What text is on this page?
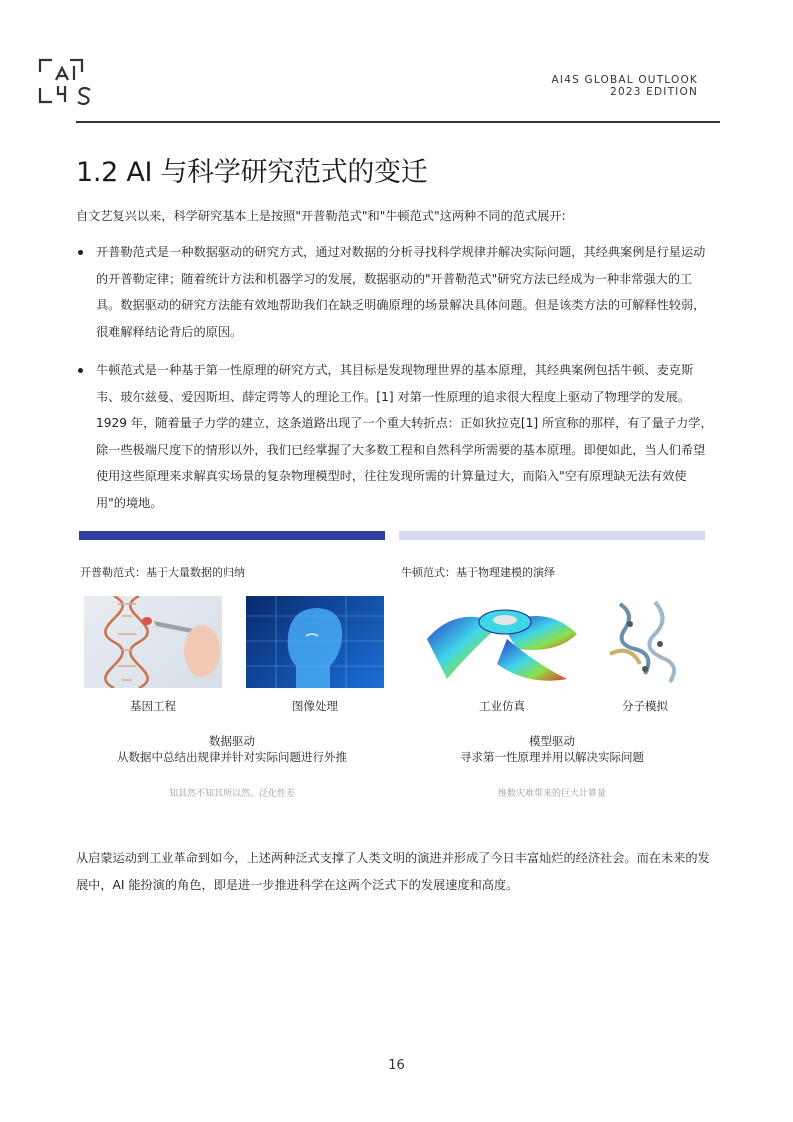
AI4S GLOBAL OUTLOOK
2023 EDITION
1.2 AI 与科学研究范式的变迁
自文艺复兴以来，科学研究基本上是按照"开普勒范式"和"牛顿范式"这两种不同的范式展开:
开普勒范式是一种数据驱动的研究方式，通过对数据的分析寻找科学规律并解决实际问题，其经典案例是行星运动的开普勒定律；随着统计方法和机器学习的发展，数据驱动的"开普勒范式"研究方法已经成为一种非常强大的工具。数据驱动的研究方法能有效地帮助我们在缺乏明确原理的场景解决具体问题。但是该类方法的可解释性较弱，很难解释结论背后的原因。
牛顿范式是一种基于第一性原理的研究方式，其目标是发现物理世界的基本原理，其经典案例包括牛顿、麦克斯韦、玻尔兹曼、爱因斯坦、薛定谔等人的理论工作。[1] 对第一性原理的追求很大程度上驱动了物理学的发展。1929 年，随着量子力学的建立，这条道路出现了一个重大转折点：正如狄拉克[1] 所宣称的那样，有了量子力学，除一些极端尺度下的情形以外，我们已经掌握了大多数工程和自然科学所需要的基本原理。即便如此，当人们希望使用这些原理来求解真实场景的复杂物理模型时，往往发现所需的计算量过大，而陷入"空有原理缺无法有效使用"的境地。
开普勒范式：基于大量数据的归纳	牛顿范式：基于物理建模的演绎
基因工程	图像处理	工业仿真	分子模拟
数据驱动
从数据中总结出规律并针对实际问题进行外推
模型驱动
寻求第一性原理并用以解决实际问题
知其然不知其所以然、泛化性差	维数灾难带来的巨大计算量
从启蒙运动到工业革命到如今，上述两种泛式支撑了人类文明的演进并形成了今日丰富灿烂的经济社会。而在未来的发展中，AI 能扮演的角色，即是进一步推进科学在这两个泛式下的发展速度和高度。
16
